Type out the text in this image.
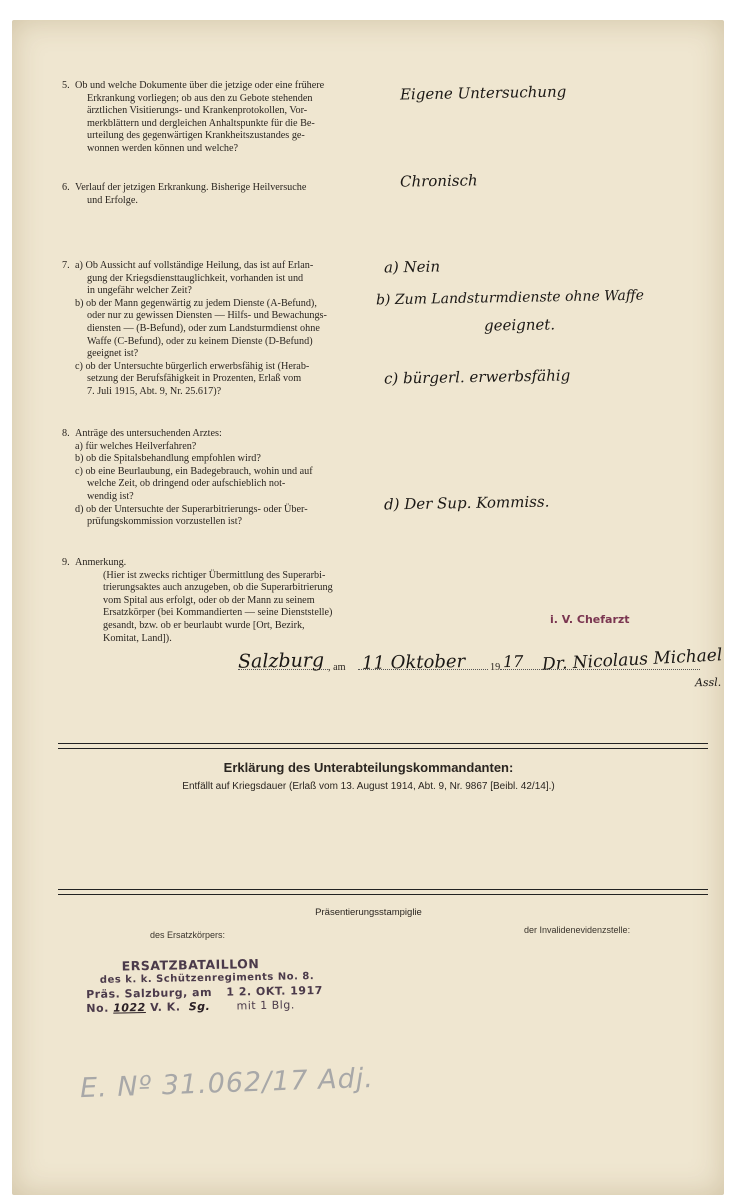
5. Ob und welche Dokumente über die jetzige oder eine frühere
Erkrankung vorliegen; ob aus den zu Gebote stehenden
ärztlichen Visitierungs- und Krankenprotokollen, Vor-
merkblättern und dergleichen Anhaltspunkte für die Be-
urteilung des gegenwärtigen Krankheitszustandes ge-
wonnen werden können und welche?
Eigene Untersuchung
6. Verlauf der jetzigen Erkrankung. Bisherige Heilversuche
und Erfolge.
Chronisch
7. a) Ob Aussicht auf vollständige Heilung, das ist auf Erlan-
gung der Kriegsdiensttauglichkeit, vorhanden ist und
in ungefähr welcher Zeit?
b) ob der Mann gegenwärtig zu jedem Dienste (A-Befund),
oder nur zu gewissen Diensten — Hilfs- und Bewachungs-
diensten — (B-Befund), oder zum Landsturmdienst ohne
Waffe (C-Befund), oder zu keinem Dienste (D-Befund)
geeignet ist?
c) ob der Untersuchte bürgerlich erwerbsfähig ist (Herab-
setzung der Berufsfähigkeit in Prozenten, Erlaß vom
7. Juli 1915, Abt. 9, Nr. 25.617)?
a) Nein
b) Zum Landsturmdienste ohne Waffe
geeignet.
c) bürgerl. erwerbsfähig
8. Anträge des untersuchenden Arztes:
a) für welches Heilverfahren?
b) ob die Spitalsbehandlung empfohlen wird?
c) ob eine Beurlaubung, ein Badegebrauch, wohin und auf
welche Zeit, ob dringend oder aufschieblich not-
wendig ist?
d) ob der Untersuchte der Superarbitrierungs- oder Über-
prüfungskommission vorzustellen ist?
d) Der Sup. Kommiss.
9. Anmerkung.
(Hier ist zwecks richtiger Übermittlung des Superarbi-
trierungsaktes auch anzugeben, ob die Superarbitrierung
vom Spital aus erfolgt, oder ob der Mann zu seinem
Ersatzkörper (bei Kommandierten — seine Dienststelle)
gesandt, bzw. ob er beurlaubt wurde [Ort, Bezirk,
Komitat, Land]).
i. V. Chefarzt
Salzburg , am 11 Oktober 19 17 Dr. Nicolaus Michael
Assl.
Erklärung des Unterabteilungskommandanten:
Entfällt auf Kriegsdauer (Erlaß vom 13. August 1914, Abt. 9, Nr. 9867 [Beibl. 42/14].)
Präsentierungsstampiglie
des Ersatzkörpers:	der Invalidenevidenzstelle:
ERSATZBATAILLON
des k. k. Schützenregiments No. 8.
Präs. Salzburg, am 1 2. OKT. 1917
No. 1022 V. K. Sg. mit 1 Blg.
E. Nº 31.062/17 Adj.
